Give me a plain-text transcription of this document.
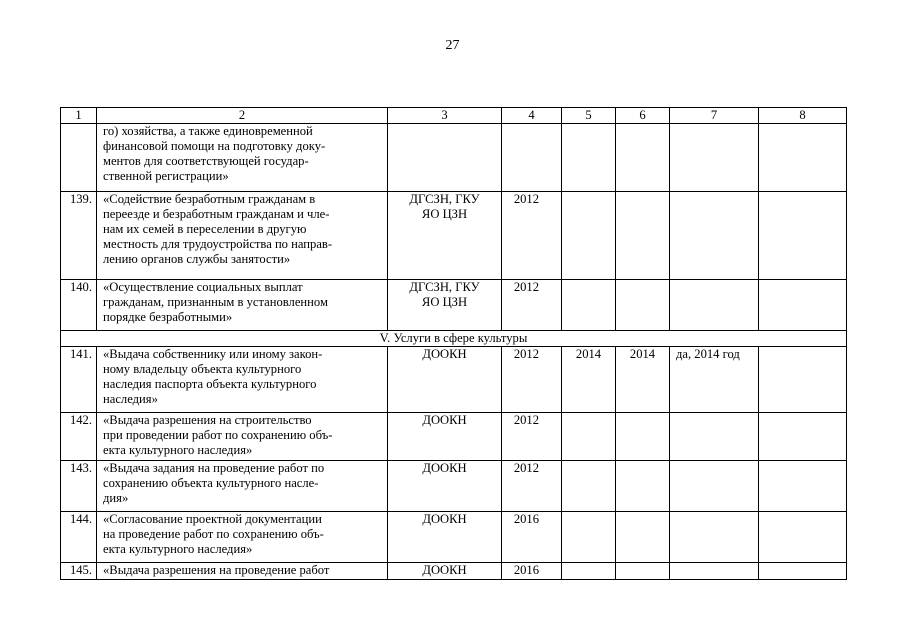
27
1	2	3	4	5	6	7	8
	го) хозяйства, а также единовременной
финансовой помощи на подготовку доку-
ментов для соответствующей государ-
ственной регистрации»						
139.	«Содействие безработным гражданам в
переезде и безработным гражданам и чле-
нам их семей в переселении в другую
местность для трудоустройства по направ-
лению органов службы занятости»	ДГСЗН, ГКУ
ЯО ЦЗН	2012				
140.	«Осуществление социальных выплат
гражданам, признанным в установленном
порядке безработными»	ДГСЗН, ГКУ
ЯО ЦЗН	2012				
V. Услуги в сфере культуры							
141.	«Выдача собственнику или иному закон-
ному владельцу объекта культурного
наследия паспорта объекта культурного
наследия»	ДООКН	2012	2014	2014	да, 2014 год	
142.	«Выдача разрешения на строительство
при проведении работ по сохранению объ-
екта культурного наследия»	ДООКН	2012				
143.	«Выдача задания на проведение работ по
сохранению объекта культурного насле-
дия»	ДООКН	2012				
144.	«Согласование проектной документации
на проведение работ по сохранению объ-
екта культурного наследия»	ДООКН	2016				
145.	«Выдача разрешения на проведение работ	ДООКН	2016				
